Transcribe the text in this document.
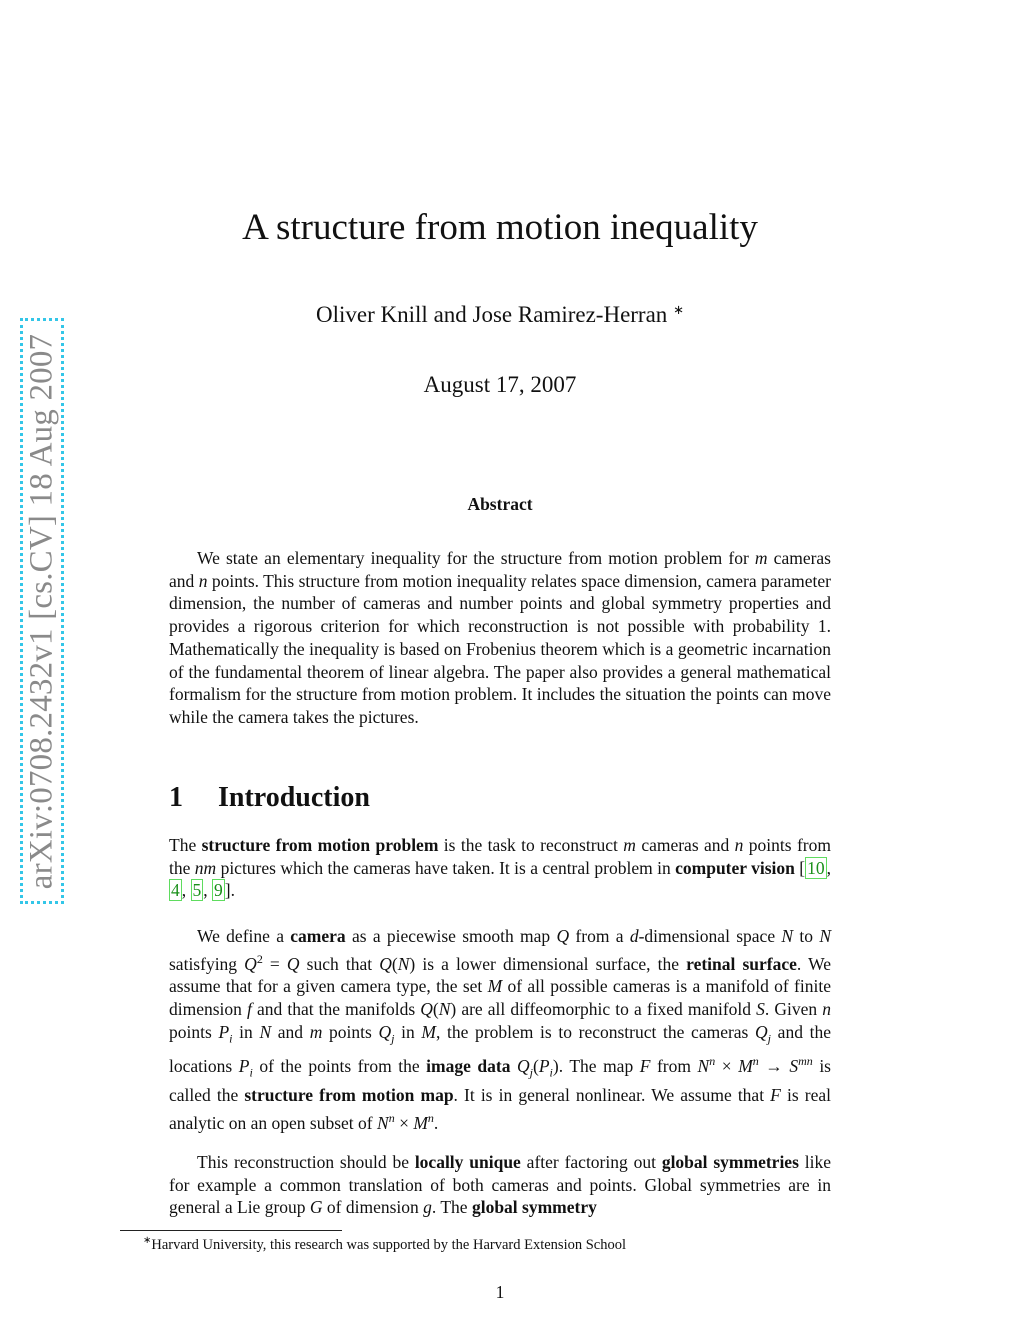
arXiv:0708.2432v1 [cs.CV] 18 Aug 2007
A structure from motion inequality
Oliver Knill and Jose Ramirez-Herran ∗
August 17, 2007
Abstract

We state an elementary inequality for the structure from motion problem for m cameras and n points. This structure from motion inequality relates space dimension, camera parameter dimension, the number of cameras and number points and global symmetry properties and provides a rigorous criterion for which reconstruction is not possible with probability 1. Mathematically the inequality is based on Frobenius theorem which is a geometric incarnation of the fundamental theorem of linear algebra. The paper also provides a general mathematical formalism for the structure from motion problem. It includes the situation the points can move while the camera takes the pictures.

1 Introduction

The structure from motion problem is the task to reconstruct m cameras and n points from the nm pictures which the cameras have taken. It is a central problem in computer vision [ 10 , 4 , 5 , 9 ].

We define a camera as a piecewise smooth map Q from a d-dimensional space N to N satisfying $Q^2 = Q$ such that Q(N) is a lower dimensional surface, the retinal surface. We assume that for a given camera type, the set M of all possible cameras is a manifold of finite dimension f and that the manifolds Q(N) are all diffeomorphic to a fixed manifold S. Given n points $P_i$ in N and m points $Q_j$ in M, the problem is to reconstruct the cameras $Q_j$ and the locations $P_i$ of the points from the image data $Q_j(P_i)$. The map F from $N^n \times M^n \to S^{mn}$ is called the structure from motion map. It is in general nonlinear. We assume that F is real analytic on an open subset of $N^n \times M^n$.

This reconstruction should be locally unique after factoring out global symmetries like for example a common translation of both cameras and points. Global symmetries are in general a Lie group G of dimension g. The global symmetry

∗Harvard University, this research was supported by the Harvard Extension School
1
